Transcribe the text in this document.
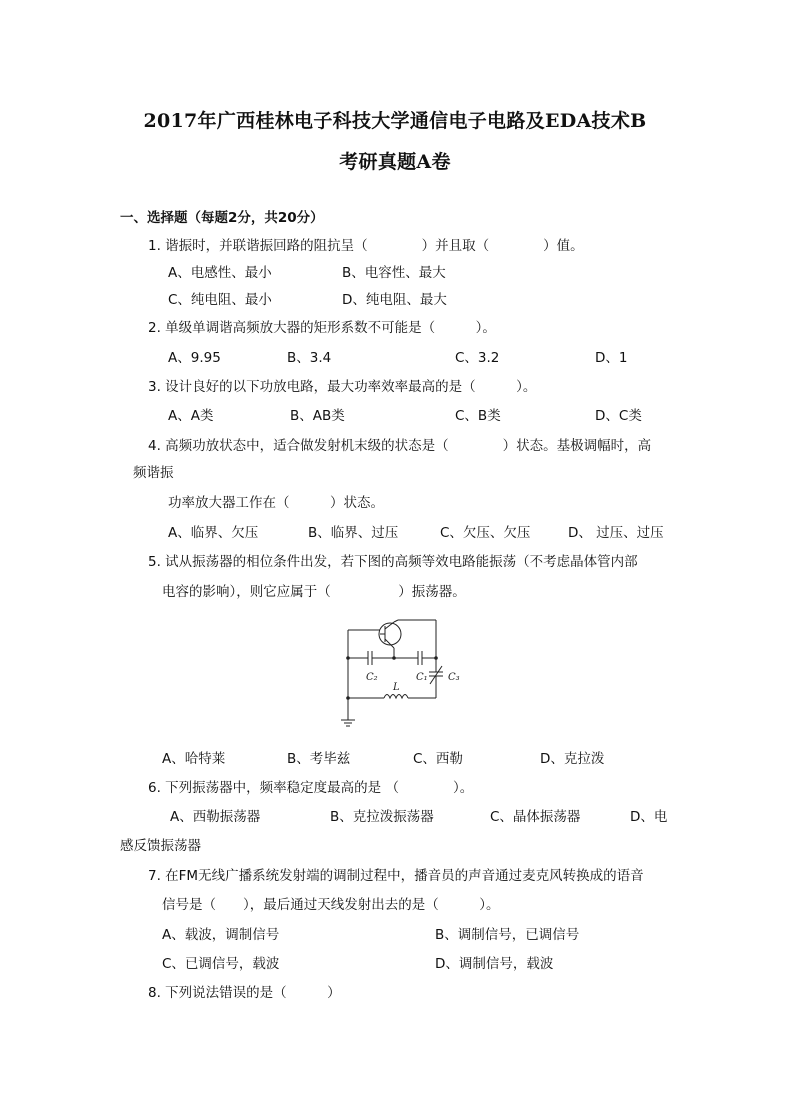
2017年广西桂林电子科技大学通信电子电路及EDA技术B
考研真题A卷
一、选择题（每题2分，共20分）
1. 谐振时，并联谐振回路的阻抗呈（　　　　）并且取（　　　　）值。
A、电感性、最小	B、电容性、最大
C、纯电阻、最小	D、纯电阻、最大
2. 单级单调谐高频放大器的矩形系数不可能是（　　　）。
A、9.95	B、3.4	C、3.2	D、1
3. 设计良好的以下功放电路，最大功率效率最高的是（　　　）。
A、A类	B、AB类	C、B类	D、C类
4. 高频功放状态中，适合做发射机末级的状态是（　　　　）状态。基极调幅时，高
频谐振
功率放大器工作在（　　　）状态。
A、临界、欠压	B、临界、过压	C、欠压、欠压	D、 过压、过压
5. 试从振荡器的相位条件出发，若下图的高频等效电路能振荡（不考虑晶体管内部
电容的影响），则它应属于（　　　　　）振荡器。
C₂	C₁
L
C₃
A、哈特莱	B、考毕兹	C、西勒	D、克拉泼
6. 下列振荡器中，频率稳定度最高的是 （　　　　）。
A、西勒振荡器	B、克拉泼振荡器	C、晶体振荡器	D、电
感反馈振荡器
7. 在FM无线广播系统发射端的调制过程中，播音员的声音通过麦克风转换成的语音
信号是（　　），最后通过天线发射出去的是（　　　）。
A、载波，调制信号	B、调制信号，已调信号
C、已调信号，载波	D、调制信号，载波
8. 下列说法错误的是（　　　）
